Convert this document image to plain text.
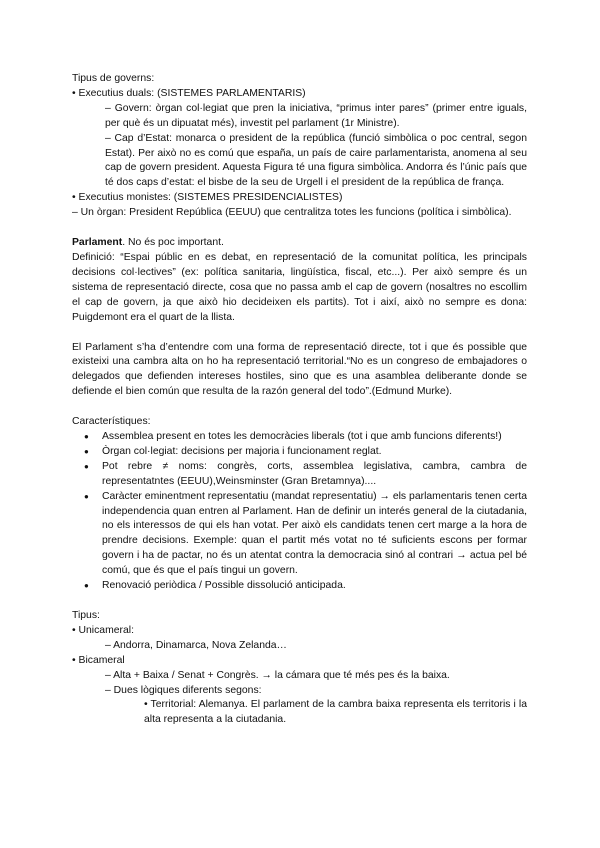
Tipus de governs:

• Executius duals: (SISTEMES PARLAMENTARIS)

– Govern: òrgan col·legiat que pren la iniciativa, “primus inter pares” (primer entre iguals, per què és un dipuatat més), investit pel parlament (1r Ministre).

– Cap d’Estat: monarca o president de la república (funció simbòlica o poc central, segon Estat). Per això no es comú que españa, un país de caire parlamentarista, anomena al seu cap de govern president. Aquesta Figura té una figura simbòlica. Andorra és l’únic país que té dos caps d’estat: el bisbe de la seu de Urgell i el president de la república de frança.

• Executius monistes: (SISTEMES PRESIDENCIALISTES)

– Un òrgan: President República (EEUU) que centralitza totes les funcions (política i simbòlica).

Parlament. No és poc important.

Definició: “Espai públic en es debat, en representació de la comunitat política, les principals decisions col·lectives” (ex: política sanitaria, lingüística, fiscal, etc...). Per això sempre és un sistema de representació directe, cosa que no passa amb el cap de govern (nosaltres no escollim el cap de govern, ja que això hio decideixen els partits). Tot i així, això no sempre es dona: Puigdemont era el quart de la llista.

El Parlament s’ha d’entendre com una forma de representació directe, tot i que és possible que existeixi una cambra alta on ho ha representació territorial.“No es un congreso de embajadores o delegados que defienden intereses hostiles, sino que es una asamblea deliberante donde se defiende el bien común que resulta de la razón general del todo”.(Edmund Murke).

Característiques:

● Assemblea present en totes les democràcies liberals (tot i que amb funcions diferents!)
● Òrgan col·legiat: decisions per majoria i funcionament reglat.
● Pot rebre ≠ noms: congrès, corts, assemblea legislativa, cambra, cambra de representatntes (EEUU),Weinsminster (Gran Bretamnya)....
● Caràcter eminentment representatiu (mandat representatiu) → els parlamentaris tenen certa independencia quan entren al Parlament. Han de definir un interés general de la ciutadania, no els interessos de qui els han votat. Per això els candidats tenen cert marge a la hora de prendre decisions. Exemple: quan el partit més votat no té suficients escons per formar govern i ha de pactar, no és un atentat contra la democracia sinó al contrari → actua pel bé comú, que és que el país tingui un govern.
● Renovació periòdica / Possible dissolució anticipada.

Tipus:

• Unicameral:

– Andorra, Dinamarca, Nova Zelanda…

• Bicameral

– Alta + Baixa / Senat + Congrès. → la cámara que té més pes és la baixa.

– Dues lògiques diferents segons:

• Territorial: Alemanya. El parlament de la cambra baixa representa els territoris i la alta representa a la ciutadania.
